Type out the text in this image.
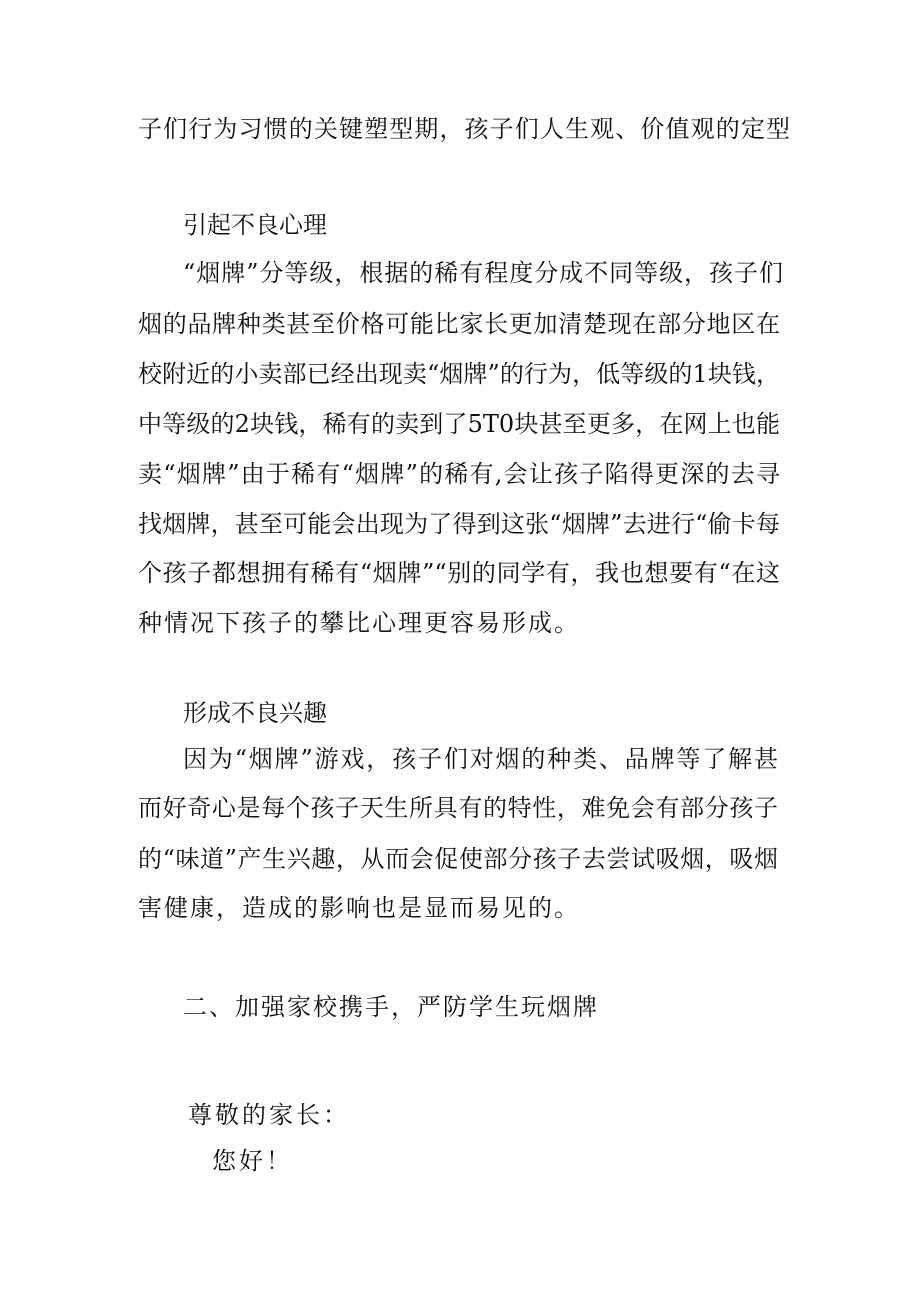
子们行为习惯的关键塑型期，孩子们人生观、价值观的定型
引起不良心理
“烟牌”分等级，根据的稀有程度分成不同等级，孩子们
烟的品牌种类甚至价格可能比家长更加清楚现在部分地区在
校附近的小卖部已经出现卖“烟牌”的行为，低等级的1块钱，
中等级的2块钱，稀有的卖到了5T0块甚至更多，在网上也能
卖“烟牌”由于稀有“烟牌”的稀有,会让孩子陷得更深的去寻
找烟牌，甚至可能会出现为了得到这张“烟牌”去进行“偷卡每
个孩子都想拥有稀有“烟牌”“别的同学有，我也想要有“在这
种情况下孩子的攀比心理更容易形成。
形成不良兴趣
因为“烟牌”游戏，孩子们对烟的种类、品牌等了解甚
而好奇心是每个孩子天生所具有的特性，难免会有部分孩子
的“味道”产生兴趣，从而会促使部分孩子去尝试吸烟，吸烟
害健康，造成的影响也是显而易见的。
二、加强家校携手，严防学生玩烟牌
尊敬的家长：
您好！
